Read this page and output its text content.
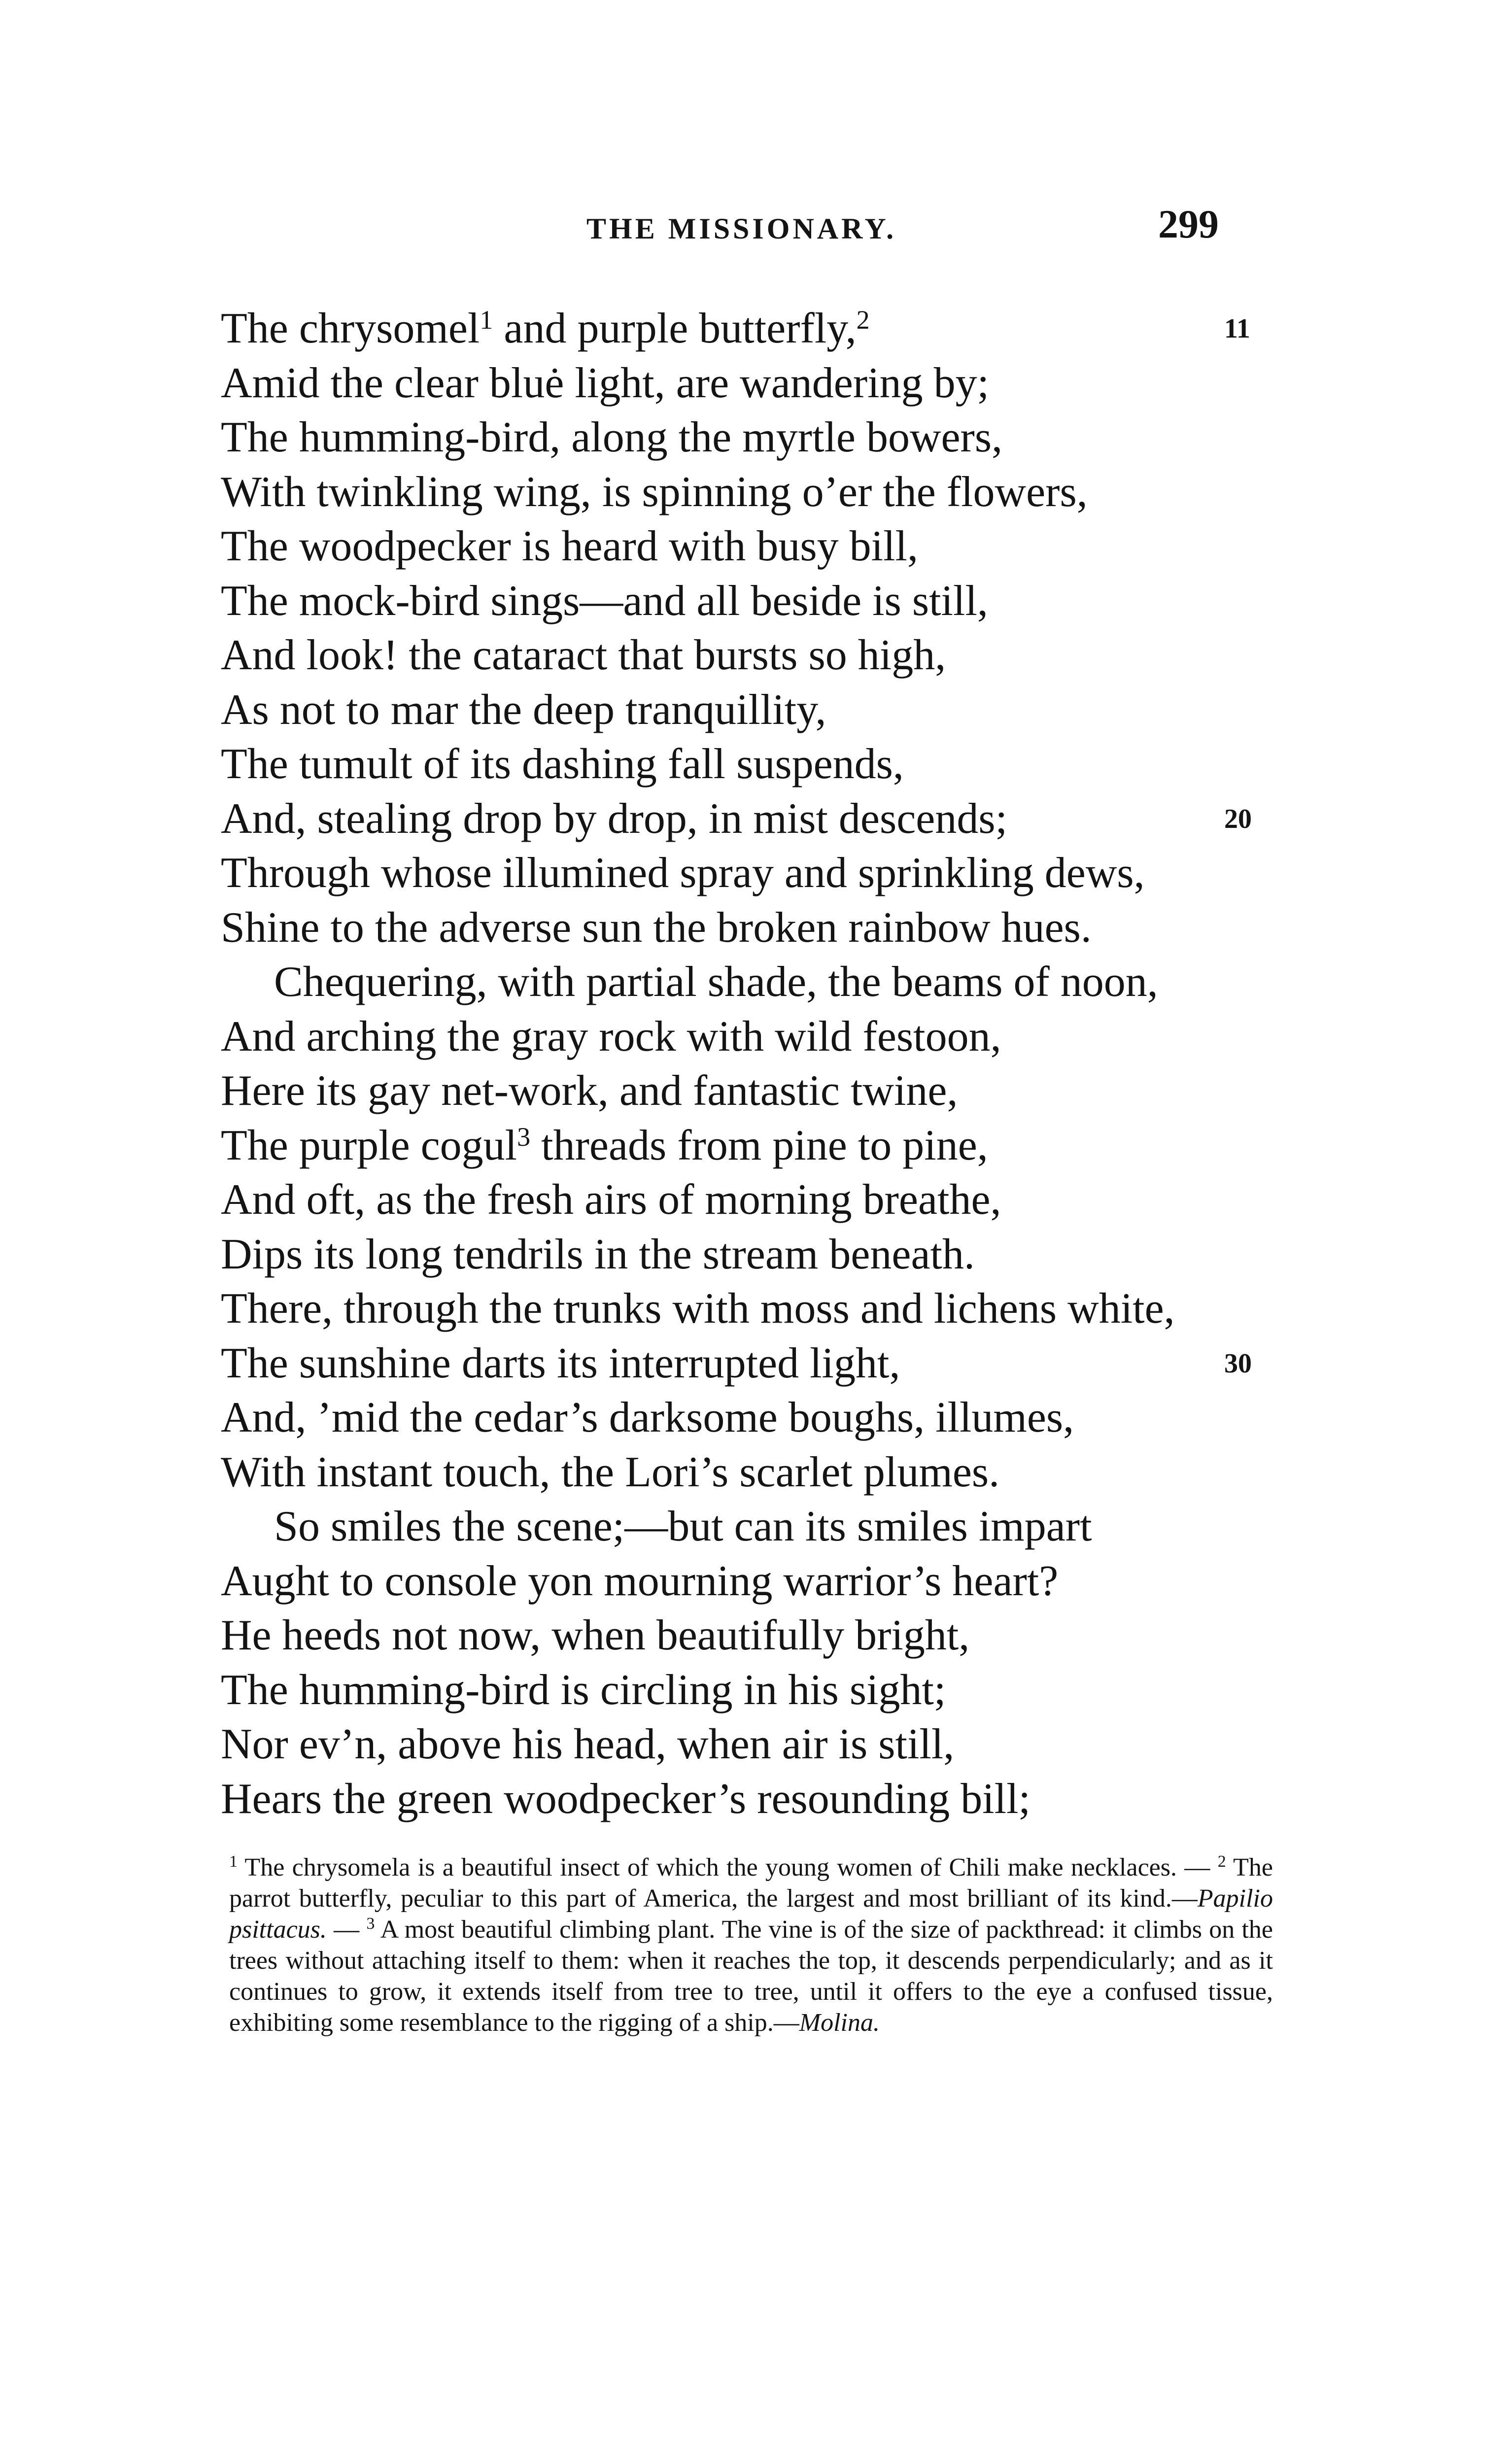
THE MISSIONARY.	299
The chrysomel$^1$ and purple butterfly,$^2$	11
Amid the clear bluė light, are wandering by;
The humming-bird, along the myrtle bowers,
With twinkling wing, is spinning o’er the flowers,
The woodpecker is heard with busy bill,
The mock-bird sings—and all beside is still,
And look! the cataract that bursts so high,
As not to mar the deep tranquillity,
The tumult of its dashing fall suspends,
And, stealing drop by drop, in mist descends;	20
Through whose illumined spray and sprinkling dews,
Shine to the adverse sun the broken rainbow hues.
Chequering, with partial shade, the beams of noon,
And arching the gray rock with wild festoon,
Here its gay net-work, and fantastic twine,
The purple cogul$^3$ threads from pine to pine,
And oft, as the fresh airs of morning breathe,
Dips its long tendrils in the stream beneath.
There, through the trunks with moss and lichens white,
The sunshine darts its interrupted light,	30
And, ’mid the cedar’s darksome boughs, illumes,
With instant touch, the Lori’s scarlet plumes.
So smiles the scene;—but can its smiles impart
Aught to console yon mourning warrior’s heart?
He heeds not now, when beautifully bright,
The humming-bird is circling in his sight;
Nor ev’n, above his head, when air is still,
Hears the green woodpecker’s resounding bill;
$^1$ The chrysomela is a beautiful insect of which the young women of Chili make necklaces. — $^2$ The parrot butterfly, peculiar to this part of America, the largest and most brilliant of its kind.—Papilio psittacus. — $^3$ A most beautiful climbing plant. The vine is of the size of packthread: it climbs on the trees without attaching itself to them: when it reaches the top, it descends perpendicularly; and as it continues to grow, it extends itself from tree to tree, until it offers to the eye a confused tissue, exhibiting some resemblance to the rigging of a ship.—Molina.
